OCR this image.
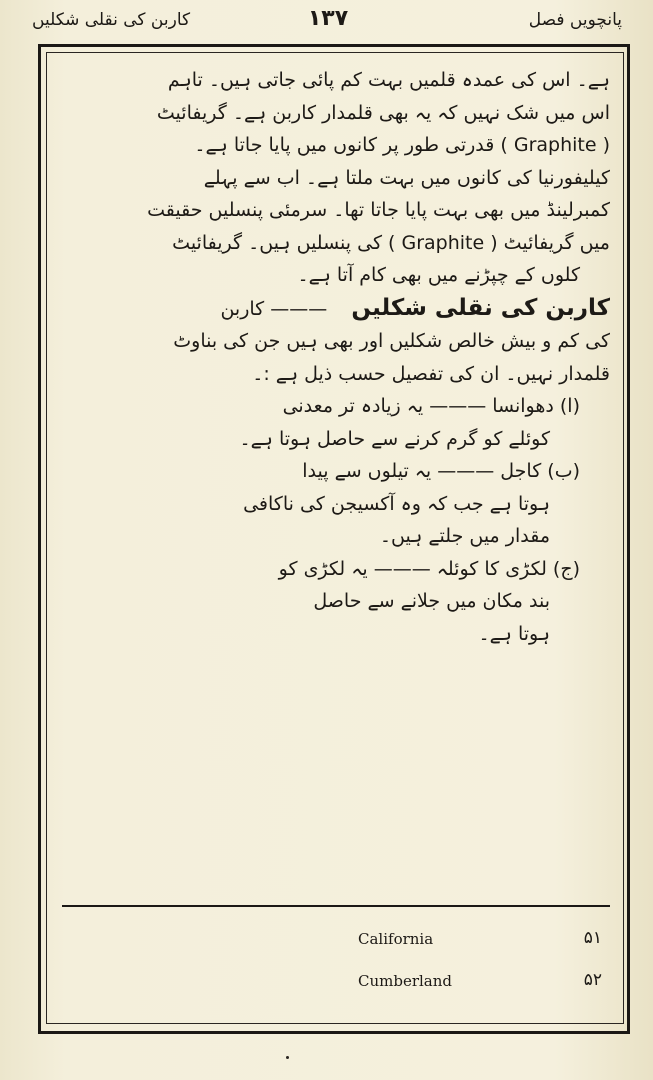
پانچویں فصل
۱۳۷
کاربن کی نقلی شکلیں
ہے۔ اس کی عمدہ قلمیں بہت کم پائی جاتی ہیں۔ تاہم
اس میں شک نہیں کہ یہ بھی قلمدار کاربن ہے۔ گریفائیٹ
( Graphite ) قدرتی طور پر کانوں میں پایا جاتا ہے۔
کیلیفورنیا کی کانوں میں بہت ملتا ہے۔ اب سے پہلے
کمبرلینڈ میں بھی بہت پایا جاتا تھا۔ سرمئی پنسلیں حقیقت
میں گریفائیٹ ( Graphite ) کی پنسلیں ہیں۔ گریفائیٹ
کلوں کے چپڑنے میں بھی کام آتا ہے۔
کاربن کی نقلی شکلیں    ——— کاربن
کی کم و بیش خالص شکلیں اور بھی ہیں جن کی بناوٹ
قلمدار نہیں۔ ان کی تفصیل حسب ذیل ہے :۔
(ا) دھوانسا ——— یہ زیادہ تر معدنی
کوئلے کو گرم کرنے سے حاصل ہوتا ہے۔
(ب) کاجل ——— یہ تیلوں سے پیدا
ہوتا ہے جب کہ وہ آکسیجن کی ناکافی
مقدار میں جلتے ہیں۔
(ج) لکڑی کا کوئلہ ——— یہ لکڑی کو
بند مکان میں جلانے سے حاصل
ہوتا ہے۔
California	۵۱
Cumberland	۵۲
